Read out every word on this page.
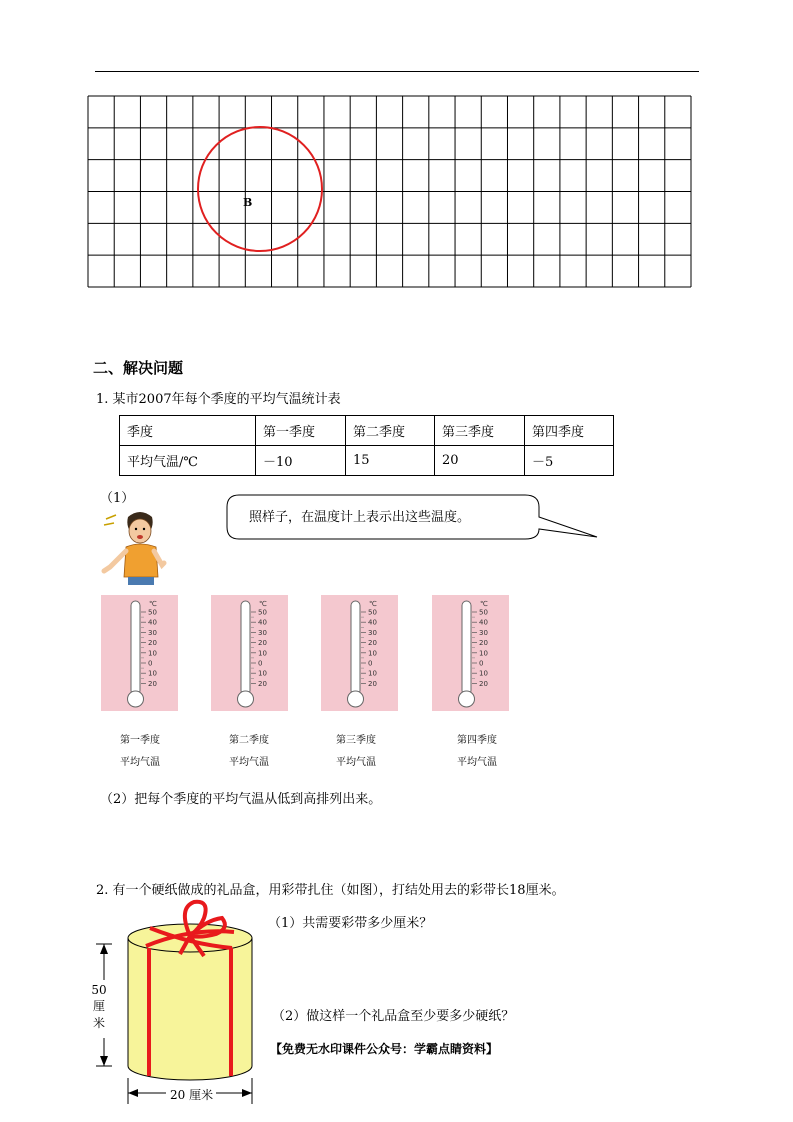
B
二、解决问题
1. 某市2007年每个季度的平均气温统计表
季度	第一季度	第二季度	第三季度	第四季度
平均气温/℃	－10	15	20	－5
（1）
照样子，在温度计上表示出这些温度。
℃
50
40
30
20
10
0
10
20
℃
50
40
30
20
10
0
10
20
℃
50
40
30
20
10
0
10
20
℃
50
40
30
20
10
0
10
20
第一季度
平均气温
第二季度
平均气温
第三季度
平均气温
第四季度
平均气温
（2）把每个季度的平均气温从低到高排列出来。
2. 有一个硬纸做成的礼品盒，用彩带扎住（如图），打结处用去的彩带长18厘米。
50
厘
米
20 厘米
（1）共需要彩带多少厘米？
（2）做这样一个礼品盒至少要多少硬纸？
【免费无水印课件公众号：学霸点睛资料】
